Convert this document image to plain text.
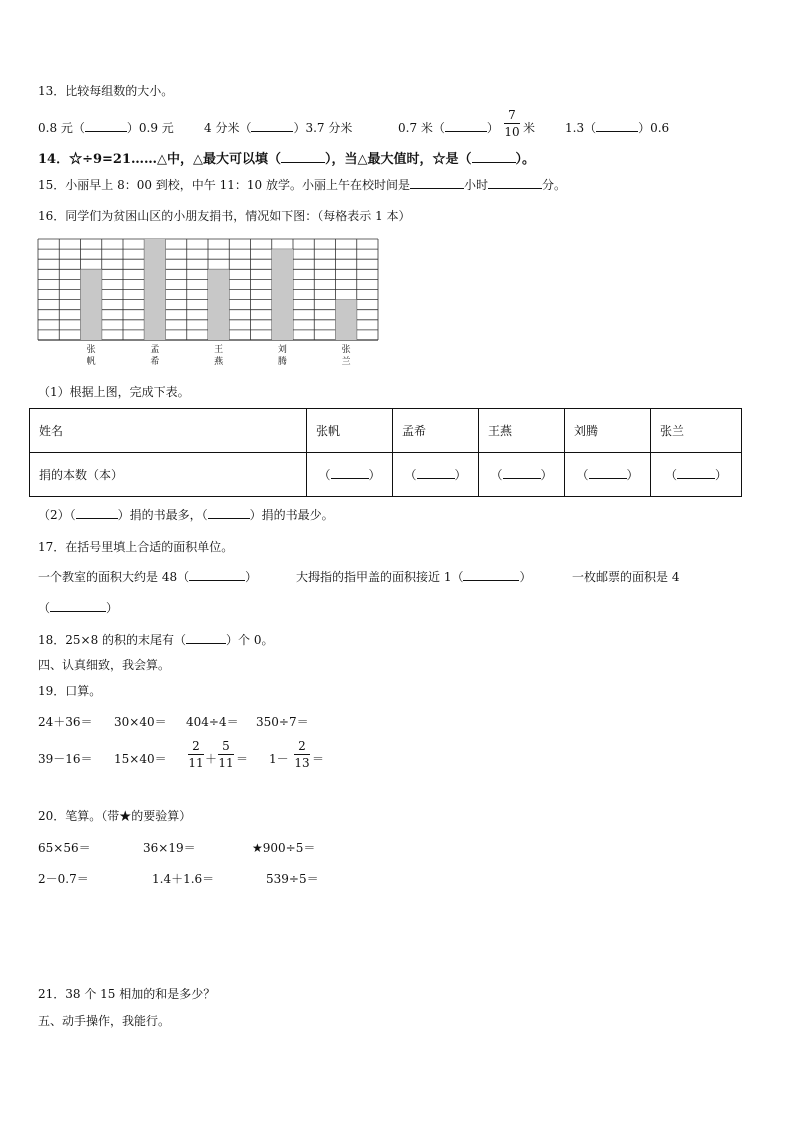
13．比较每组数的大小。
0.8 元（	）0.9 元	4 分米（	）3.7 分米	0.7 米（	）
7
10 米 1.3（	）0.6
14．☆÷9=21……△中，△最大可以填（	），当△最大值时，☆是（	）。
15．小丽早上 8：00 到校，中午 11：10 放学。小丽上午在校时间是	小时	分。
16．同学们为贫困山区的小朋友捐书，情况如下图：（每格表示 1 本）
张
帆
孟
希
王
燕
刘
腾
张
兰
（1）根据上图，完成下表。
姓名	张帆	孟希	王燕	刘腾	张兰
捐的本数（本）	（ ）	（ ）	（ ）	（ ）	（ ）
（2）（	）捐的书最多，（	）捐的书最少。
17．在括号里填上合适的面积单位。
一个教室的面积大约是 48（	）	大拇指的指甲盖的面积接近 1（	）	一枚邮票的面积是 4
（	）
18．25×8 的积的末尾有（	）个 0。
四、认真细致，我会算。
19．口算。
24＋36＝ 30×40＝ 404÷4＝ 350÷7＝
39－16＝ 15×40＝
2
11 ＋
5
11 ＝ 1－
2
13 ＝
20．笔算。（带★的要验算）
65×56＝	36×19＝	★900÷5＝
2－0.7＝	1.4＋1.6＝	539÷5＝
21．38 个 15 相加的和是多少？
五、动手操作，我能行。
